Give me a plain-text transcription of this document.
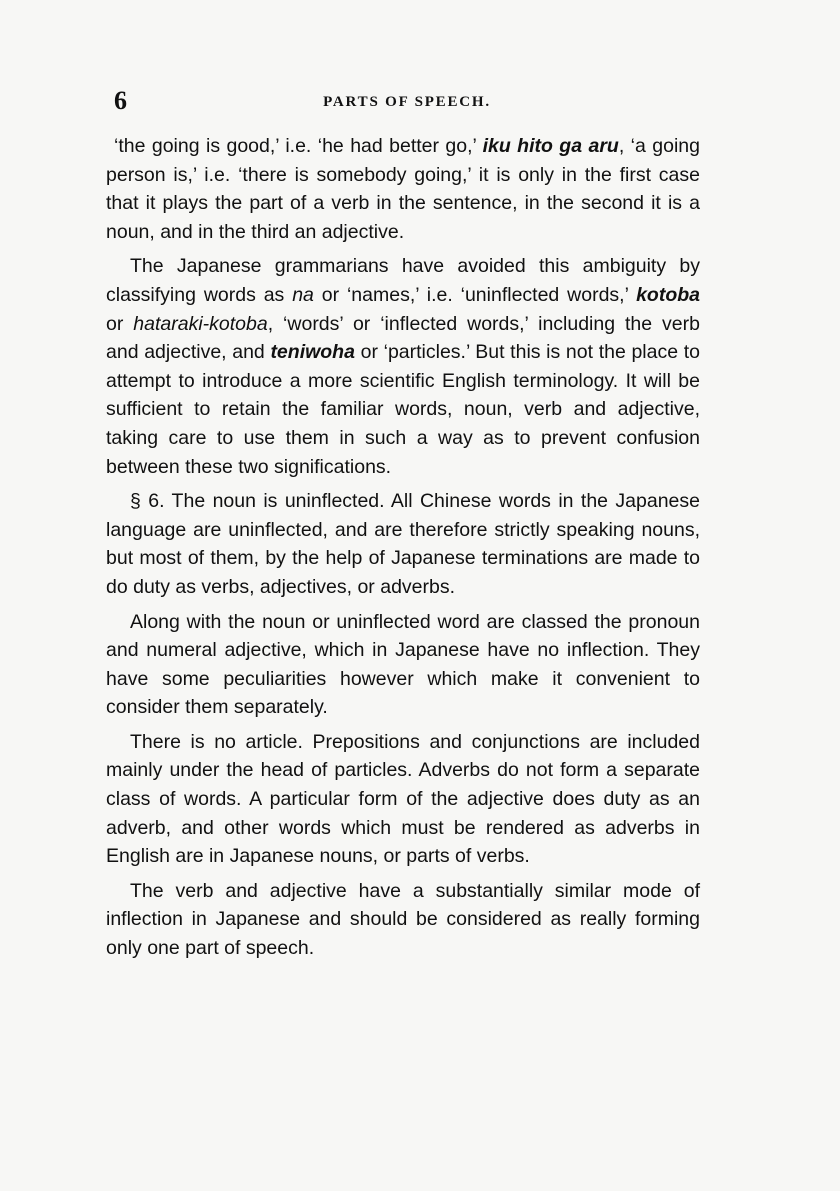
6	PARTS OF SPEECH.

‘the going is good,’ i.e. ‘he had better go,’ iku hito ga aru, ‘a going person is,’ i.e. ‘there is somebody going,’ it is only in the first case that it plays the part of a verb in the sentence, in the second it is a noun, and in the third an adjective.

The Japanese grammarians have avoided this ambiguity by classifying words as na or ‘names,’ i.e. ‘uninflected words,’ kotoba or hataraki-kotoba, ‘words’ or ‘inflected words,’ including the verb and adjective, and teniwoha or ‘particles.’ But this is not the place to attempt to introduce a more scientific English terminology. It will be sufficient to retain the familiar words, noun, verb and adjective, taking care to use them in such a way as to prevent confusion between these two significations.

§ 6. The noun is uninflected. All Chinese words in the Japanese language are uninflected, and are therefore strictly speaking nouns, but most of them, by the help of Japanese terminations are made to do duty as verbs, adjectives, or adverbs.

Along with the noun or uninflected word are classed the pronoun and numeral adjective, which in Japanese have no inflection. They have some peculiarities however which make it convenient to consider them separately.

There is no article. Prepositions and conjunctions are included mainly under the head of particles. Adverbs do not form a separate class of words. A particular form of the adjective does duty as an adverb, and other words which must be rendered as adverbs in English are in Japanese nouns, or parts of verbs.

The verb and adjective have a substantially similar mode of inflection in Japanese and should be considered as really forming only one part of speech.
